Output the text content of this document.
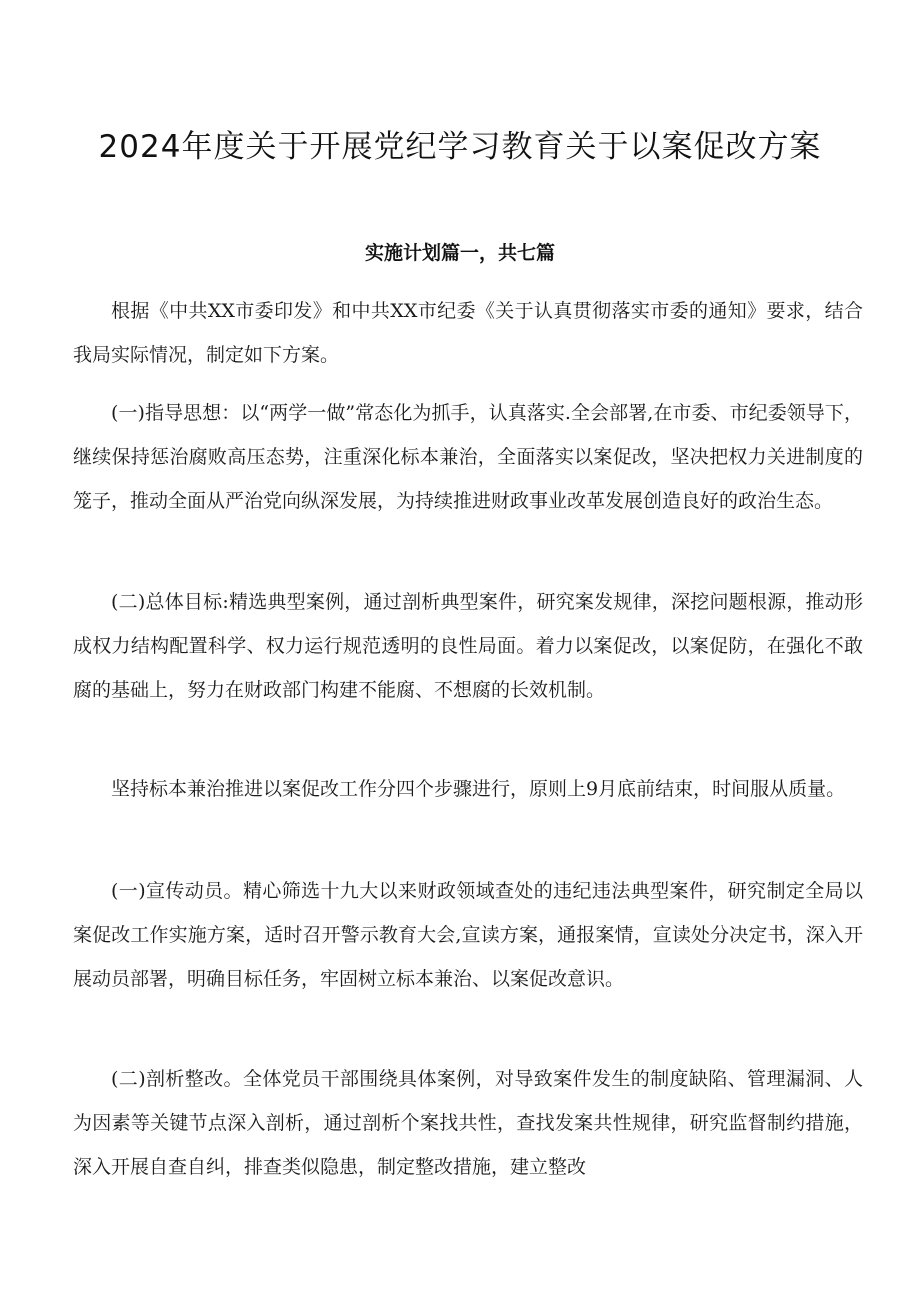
2024年度关于开展党纪学习教育关于以案促改方案
实施计划篇一，共七篇

根据《中共XX市委印发》和中共XX市纪委《关于认真贯彻落实市委的通知》要求，结合我局实际情况，制定如下方案。

(一)指导思想：以“两学一做”常态化为抓手，认真落实.全会部署,在市委、市纪委领导下，继续保持惩治腐败高压态势，注重深化标本兼治，全面落实以案促改，坚决把权力关进制度的笼子，推动全面从严治党向纵深发展，为持续推进财政事业改革发展创造良好的政治生态。

(二)总体目标:精选典型案例，通过剖析典型案件，研究案发规律，深挖问题根源，推动形成权力结构配置科学、权力运行规范透明的良性局面。着力以案促改，以案促防，在强化不敢腐的基础上，努力在财政部门构建不能腐、不想腐的长效机制。

坚持标本兼治推进以案促改工作分四个步骤进行，原则上9月底前结束，时间服从质量。

(一)宣传动员。精心筛选十九大以来财政领域查处的违纪违法典型案件，研究制定全局以案促改工作实施方案，适时召开警示教育大会,宣读方案，通报案情，宣读处分决定书，深入开展动员部署，明确目标任务，牢固树立标本兼治、以案促改意识。

(二)剖析整改。全体党员干部围绕具体案例，对导致案件发生的制度缺陷、管理漏洞、人为因素等关键节点深入剖析，通过剖析个案找共性，查找发案共性规律，研究监督制约措施，深入开展自查自纠，排查类似隐患，制定整改措施，建立整改
